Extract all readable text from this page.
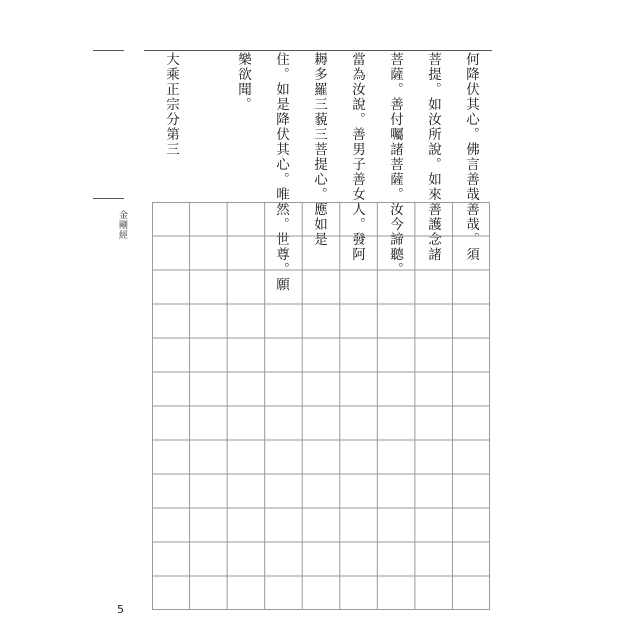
金剛經
5
何降伏其心。佛言善哉善哉。須
菩提。如汝所說。如來善護念諸
菩薩。善付囑諸菩薩。汝今諦聽。
當為汝說。善男子善女人。發阿
耨多羅三藐三菩提心。應如是
住。如是降伏其心。唯然。世尊。願
樂欲聞。
大乘正宗分第三
